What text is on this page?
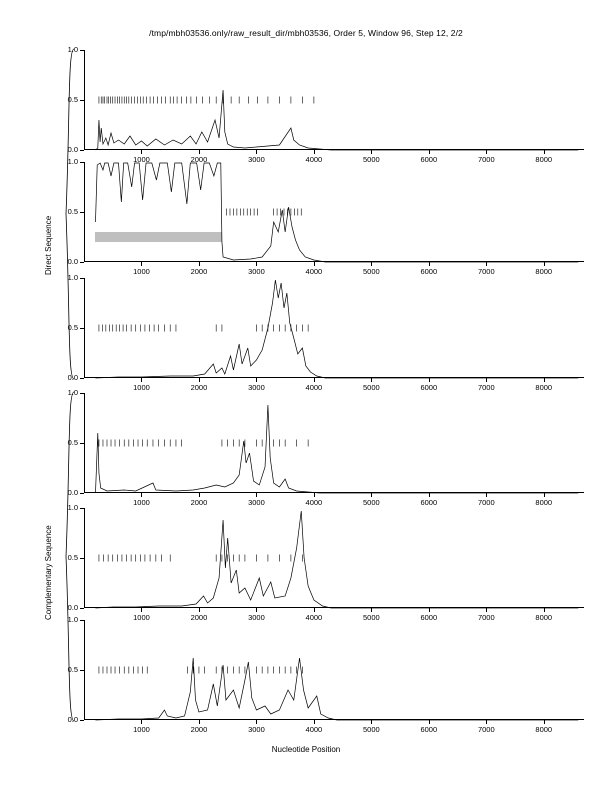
/tmp/mbh03536.only/raw_result_dir/mbh03536, Order 5, Window 96, Step 12, 2/2
0.0
0.5
1.0
1000	2000	3000	4000	5000	6000	7000	8000
0.0
0.5
1.0
1000	2000	3000	4000	5000	6000	7000	8000
0.0
0.5
1.0
1000	2000	3000	4000	5000	6000	7000	8000
0.0
0.5
1.0
1000	2000	3000	4000	5000	6000	7000	8000
0.0
0.5
1.0
1000	2000	3000	4000	5000	6000	7000	8000
0.0
0.5
1.0
1000	2000	3000	4000	5000	6000	7000	8000
Nucleotide Position
Direct Sequence
Complementary Sequence
